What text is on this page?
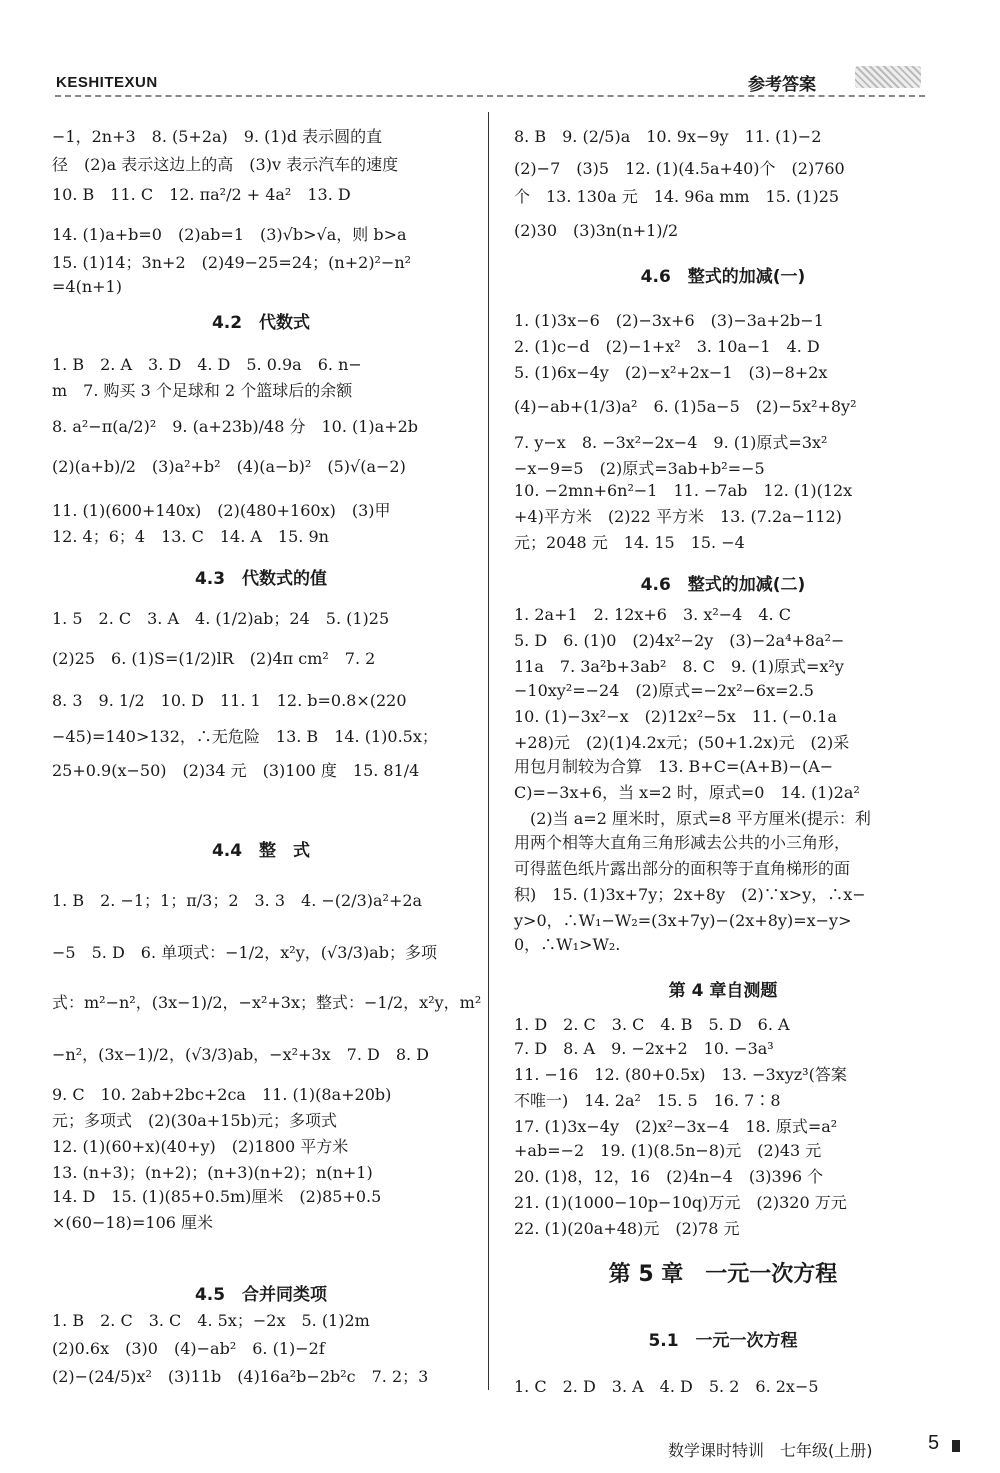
KESHITEXUN	参考答案
−1，2n+3　8. (5+2a)　9. (1)d 表示圆的直
径　(2)a 表示这边上的高　(3)v 表示汽车的速度
10. B　11. C　12. πa²/2 + 4a²　13. D
14. (1)a+b=0　(2)ab=1　(3)√b>√a，则 b>a
15. (1)14；3n+2　(2)49−25=24；(n+2)²−n²
=4(n+1)
4.2　代数式
1. B　2. A　3. D　4. D　5. 0.9a　6. n−
m　7. 购买 3 个足球和 2 个篮球后的余额
8. a²−π(a/2)²　9. (a+23b)/48 分　10. (1)a+2b
(2)(a+b)/2　(3)a²+b²　(4)(a−b)²　(5)√(a−2)
11. (1)(600+140x)　(2)(480+160x)　(3)甲
12. 4；6；4　13. C　14. A　15. 9n
4.3　代数式的值
1. 5　2. C　3. A　4. (1/2)ab；24　5. (1)25
(2)25　6. (1)S=(1/2)lR　(2)4π cm²　7. 2
8. 3　9. 1/2　10. D　11. 1　12. b=0.8×(220
−45)=140>132，∴无危险　13. B　14. (1)0.5x；
25+0.9(x−50)　(2)34 元　(3)100 度　15. 81/4
4.4　整　式
1. B　2. −1；1；π/3；2　3. 3　4. −(2/3)a²+2a
−5　5. D　6. 单项式：−1/2，x²y，(√3/3)ab；多项
式：m²−n²，(3x−1)/2，−x²+3x；整式：−1/2，x²y，m²
−n²，(3x−1)/2，(√3/3)ab，−x²+3x　7. D　8. D
9. C　10. 2ab+2bc+2ca　11. (1)(8a+20b)
元；多项式　(2)(30a+15b)元；多项式
12. (1)(60+x)(40+y)　(2)1800 平方米
13. (n+3)；(n+2)；(n+3)(n+2)；n(n+1)
14. D　15. (1)(85+0.5m)厘米　(2)85+0.5
×(60−18)=106 厘米
4.5　合并同类项
1. B　2. C　3. C　4. 5x；−2x　5. (1)2m
(2)0.6x　(3)0　(4)−ab²　6. (1)−2f
(2)−(24/5)x²　(3)11b　(4)16a²b−2b²c　7. 2；3
8. B　9. (2/5)a　10. 9x−9y　11. (1)−2
(2)−7　(3)5　12. (1)(4.5a+40)个　(2)760
个　13. 130a 元　14. 96a mm　15. (1)25
(2)30　(3)3n(n+1)/2
4.6　整式的加减(一)
1. (1)3x−6　(2)−3x+6　(3)−3a+2b−1
2. (1)c−d　(2)−1+x²　3. 10a−1　4. D
5. (1)6x−4y　(2)−x²+2x−1　(3)−8+2x
(4)−ab+(1/3)a²　6. (1)5a−5　(2)−5x²+8y²
7. y−x　8. −3x²−2x−4　9. (1)原式=3x²
−x−9=5　(2)原式=3ab+b²=−5
10. −2mn+6n²−1　11. −7ab　12. (1)(12x
+4)平方米　(2)22 平方米　13. (7.2a−112)
元；2048 元　14. 15　15. −4
4.6　整式的加减(二)
1. 2a+1　2. 12x+6　3. x²−4　4. C
5. D　6. (1)0　(2)4x²−2y　(3)−2a⁴+8a²−
11a　7. 3a²b+3ab²　8. C　9. (1)原式=x²y
−10xy²=−24　(2)原式=−2x²−6x=2.5
10. (1)−3x²−x　(2)12x²−5x　11. (−0.1a
+28)元　(2)(1)4.2x元；(50+1.2x)元　(2)采
用包月制较为合算　13. B+C=(A+B)−(A−
C)=−3x+6，当 x=2 时，原式=0　14. (1)2a²
　(2)当 a=2 厘米时，原式=8 平方厘米(提示：利
用两个相等大直角三角形减去公共的小三角形，
可得蓝色纸片露出部分的面积等于直角梯形的面
积)　15. (1)3x+7y；2x+8y　(2)∵x>y，∴x−
y>0，∴W₁−W₂=(3x+7y)−(2x+8y)=x−y>
0，∴W₁>W₂.
第 4 章自测题
1. D　2. C　3. C　4. B　5. D　6. A
7. D　8. A　9. −2x+2　10. −3a³
11. −16　12. (80+0.5x)　13. −3xyz³(答案
不唯一)　14. 2a²　15. 5　16. 7∶8
17. (1)3x−4y　(2)x²−3x−4　18. 原式=a²
+ab=−2　19. (1)(8.5n−8)元　(2)43 元
20. (1)8，12，16　(2)4n−4　(3)396 个
21. (1)(1000−10p−10q)万元　(2)320 万元
22. (1)(20a+48)元　(2)78 元
第 5 章　一元一次方程
5.1　一元一次方程
1. C　2. D　3. A　4. D　5. 2　6. 2x−5
数学课时特训　七年级(上册)	5
